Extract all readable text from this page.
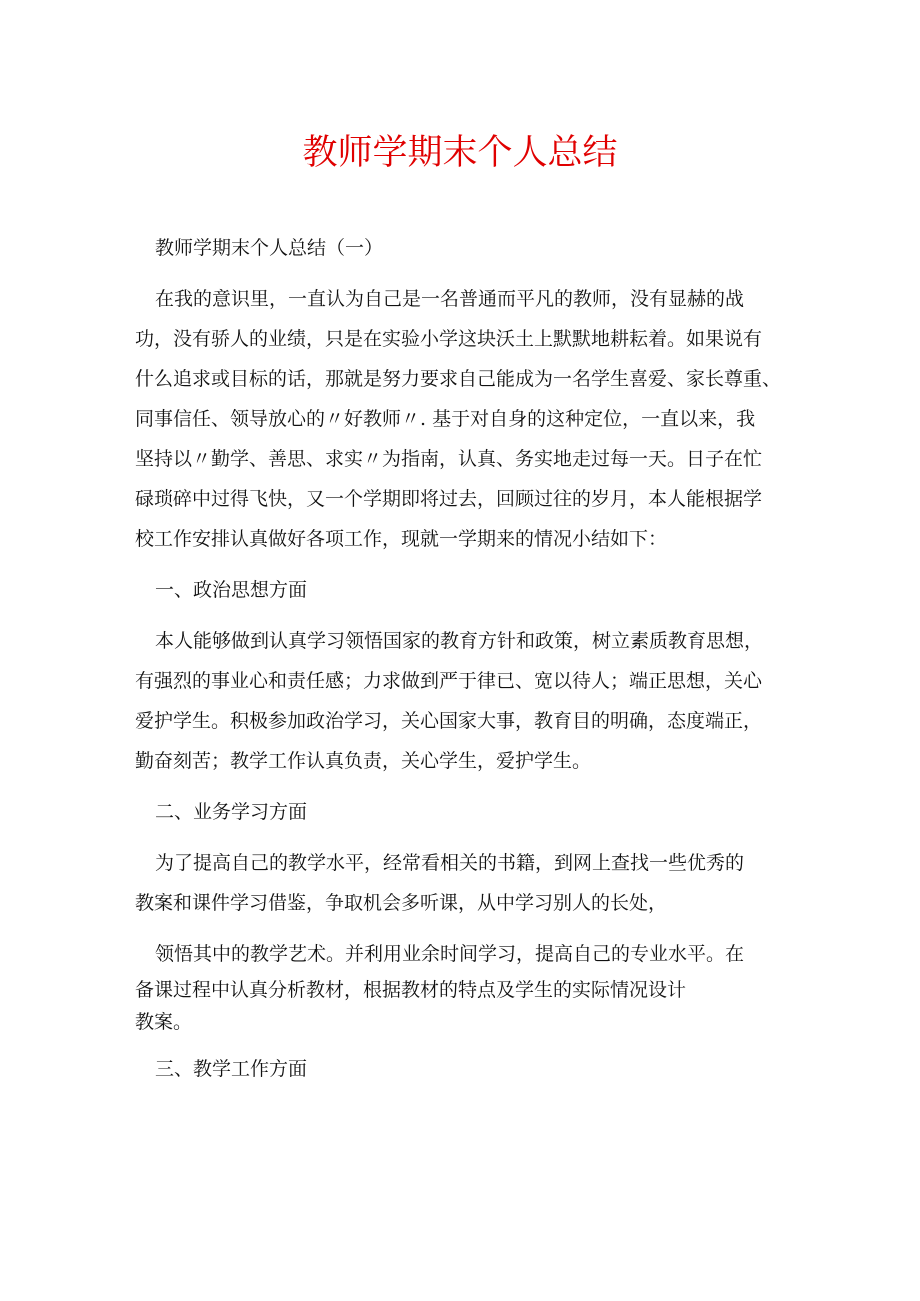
教师学期末个人总结
教师学期末个人总结（一）
在我的意识里，一直认为自己是一名普通而平凡的教师，没有显赫的战
功，没有骄人的业绩，只是在实验小学这块沃土上默默地耕耘着。如果说有
什么追求或目标的话，那就是努力要求自己能成为一名学生喜爱、家长尊重、
同事信任、领导放心的〃好教师〃. 基于对自身的这种定位，一直以来，我
坚持以〃勤学、善思、求实〃为指南，认真、务实地走过每一天。日子在忙
碌琐碎中过得飞快，又一个学期即将过去，回顾过往的岁月，本人能根据学
校工作安排认真做好各项工作，现就一学期来的情况小结如下：
一、政治思想方面
本人能够做到认真学习领悟国家的教育方针和政策，树立素质教育思想，
有强烈的事业心和责任感；力求做到严于律已、宽以待人；端正思想，关心
爱护学生。积极参加政治学习，关心国家大事，教育目的明确，态度端正，
勤奋刻苦；教学工作认真负责，关心学生，爱护学生。
二、业务学习方面
为了提高自己的教学水平，经常看相关的书籍，到网上查找一些优秀的
教案和课件学习借鉴，争取机会多听课，从中学习别人的长处，
领悟其中的教学艺术。并利用业余时间学习，提高自己的专业水平。在
备课过程中认真分析教材，根据教材的特点及学生的实际情况设计
教案。
三、教学工作方面
